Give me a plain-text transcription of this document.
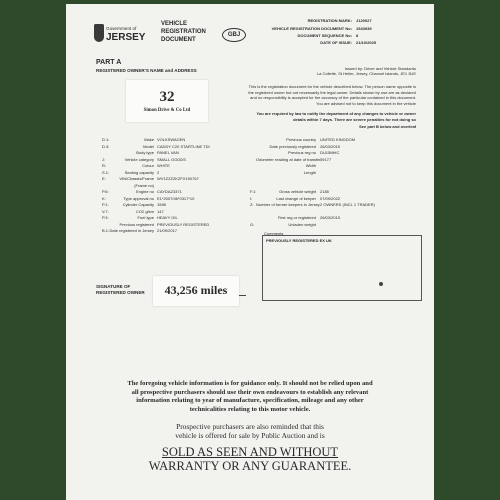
Government of
JERSEY
VEHICLE
REGISTRATION
DOCUMENT
GBJ
REGISTRATION MARK: J120027
VEHICLE REGISTRATION DOCUMENT No: 1543939
DOCUMENT SEQUENCE No: 8
DATE OF ISSUE: 21/10/2025
PART A
REGISTERED OWNER'S NAME and ADDRESS	Issued by: Driver and Vehicle Standards
La Collette, St Helier, Jersey, Channel Islands, JE1 3UE
This is the registration document for the vehicle described below. The person name opposite is the registered owner but not necessarily the legal owner. Details shown by use are as declared and no responsibility is accepted for the accuracy of the particular contained in this document. You are advised not to keep this document in the vehicle
You are required by law to notify the department of any changes to vehicle or owner details within 7 days. There are severe penalties for not doing so
See part B below and overleaf
D.1:
D.3:
J:
R:
S.1:
E:
P.6:
K:
P.1:
V.7:
P.3:
B.1:
Make
Model
Body type
Vehicle category
Colour
Seating capacity
VIN/Chassis/Frame
(Frame no)
Engine no
Type approval no
Cylinder Capacity
CO2 g/km
Fuel type
Previous registered
Date registered in Jersey
VOLKSWAGEN
CADDY C20 STARTLINE TDI
PANEL VAN
SMALL GOODS
WHITE
2
WV1ZZZ2KZFX150767
CAYDAZ3371
E1*2007/46*0317*10
1598
147
HEAVY OIL
PREVIOUSLY REGISTERED
21/09/2017
F.1:
I:
Z:
G:
Previous country
Date previously registered
Previous reg no
Odometer reading at date of transfer
Width
Length
Gross vehicle weight
Last change of keeper
Number of former keepers in Jersey
First reg or registered
Unladen weight
UNITED KINGDOM
26/03/2015
DU15MHC
39177
2185
07/09/2022
2 OWNERS (INCL 1 TRADER)
26/03/2015
Comments
PREVIOUSLY REGISTERED EX UK
SIGNATURE OF
REGISTERED OWNER
The foregoing vehicle information is for guidance only. It should not be relied upon and
all prospective purchasers should use their own endeavours to establish any relevant
information relating to year of manufacture, specification, mileage and any other
technicalities relating to this motor vehicle.
Prospective purchasers are also reminded that this
vehicle is offered for sale by Public Auction and is
SOLD AS SEEN AND WITHOUT
WARRANTY OR ANY GUARANTEE.
32
Simon Drive & Co Ltd
43,256 miles
